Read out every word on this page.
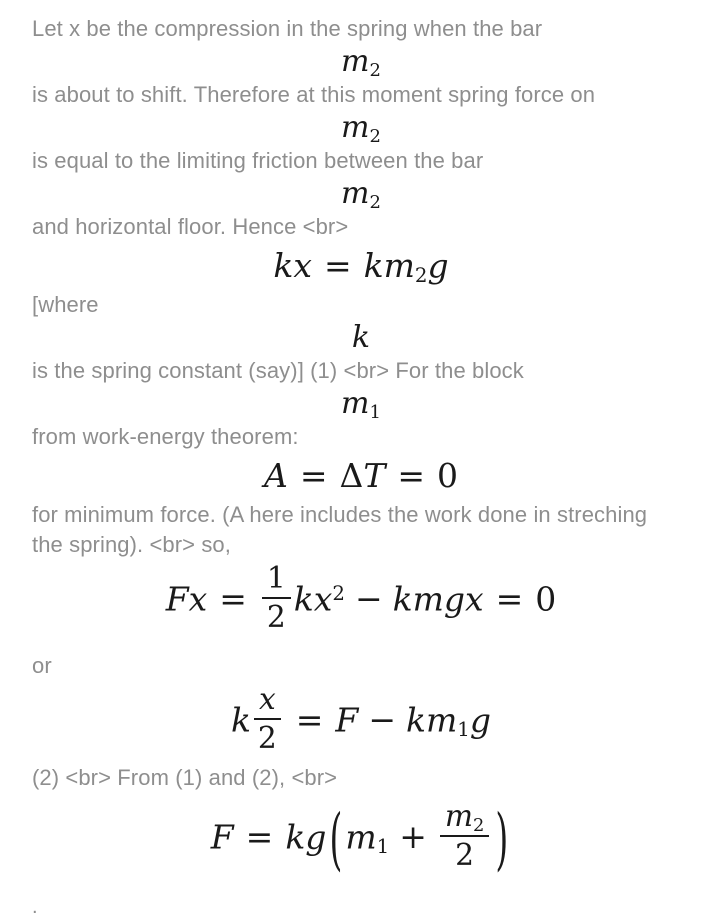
Let x be the compression in the spring when the bar

$m_2$

is about to shift. Therefore at this moment spring force on

$m_2$

is equal to the limiting friction between the bar

$m_2$

and horizontal floor. Hence <br>

kx = $km_2g$

[where

k

is the spring constant (say)] (1) <br> For the block

$m_1$

from work-energy theorem:

A = ΔT = 0

for minimum force. (A here includes the work done in streching the spring). <br> so,

$Fx = \frac{1}{2} kx^2$ − kmgx = 0

or

k $\frac{x}{2} = F - km_1g$

(2) <br> From (1) and (2), <br>

$F = kg(m_1 + \frac{m_2}{2}$ )

.
